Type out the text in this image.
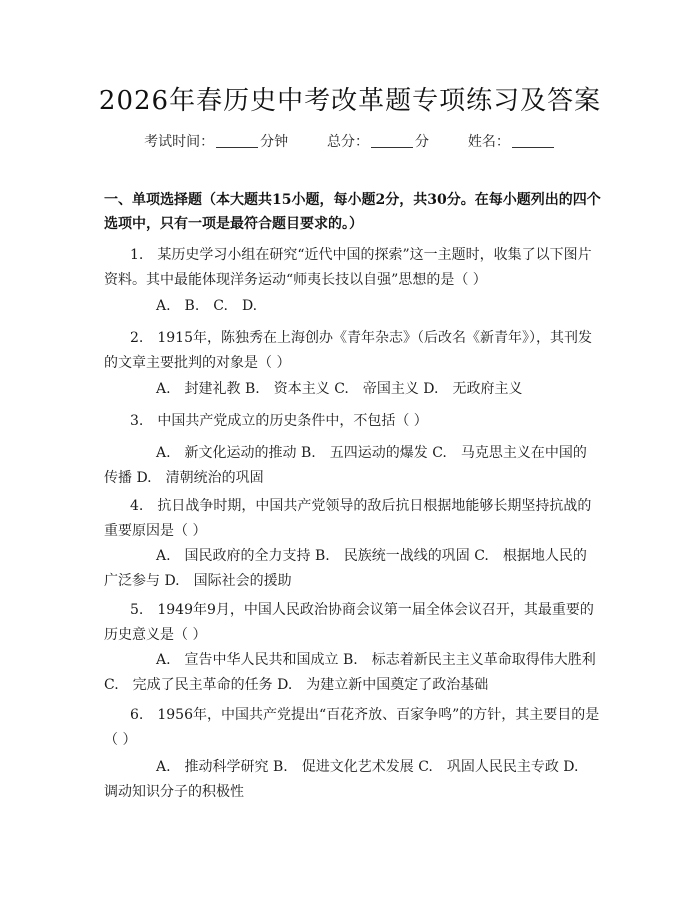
2026年春历史中考改革题专项练习及答案
考试时间：	分钟	总分：	分	姓名：
一、单项选择题（本大题共15小题，每小题2分，共30分。在每小题列出的四个选项中，只有一项是最符合题目要求的。）
1.　某历史学习小组在研究“近代中国的探索”这一主题时，收集了以下图片资料。其中最能体现洋务运动“师夷长技以自强”思想的是（ ）
A.　B.　C.　D.
2.　1915年，陈独秀在上海创办《青年杂志》（后改名《新青年》），其刊发的文章主要批判的对象是（ ）
A.　封建礼教 B.　资本主义 C.　帝国主义 D.　无政府主义
3.　中国共产党成立的历史条件中，不包括（ ）
A.　新文化运动的推动 B.　五四运动的爆发 C.　马克思主义在中国的传播 D.　清朝统治的巩固
4.　抗日战争时期，中国共产党领导的敌后抗日根据地能够长期坚持抗战的重要原因是（ ）
A.　国民政府的全力支持 B.　民族统一战线的巩固 C.　根据地人民的广泛参与 D.　国际社会的援助
5.　1949年9月，中国人民政治协商会议第一届全体会议召开，其最重要的历史意义是（ ）
A.　宣告中华人民共和国成立 B.　标志着新民主主义革命取得伟大胜利 C.　完成了民主革命的任务 D.　为建立新中国奠定了政治基础
6.　1956年，中国共产党提出“百花齐放、百家争鸣”的方针，其主要目的是（ ）
A.　推动科学研究 B.　促进文化艺术发展 C.　巩固人民民主专政 D.　调动知识分子的积极性
